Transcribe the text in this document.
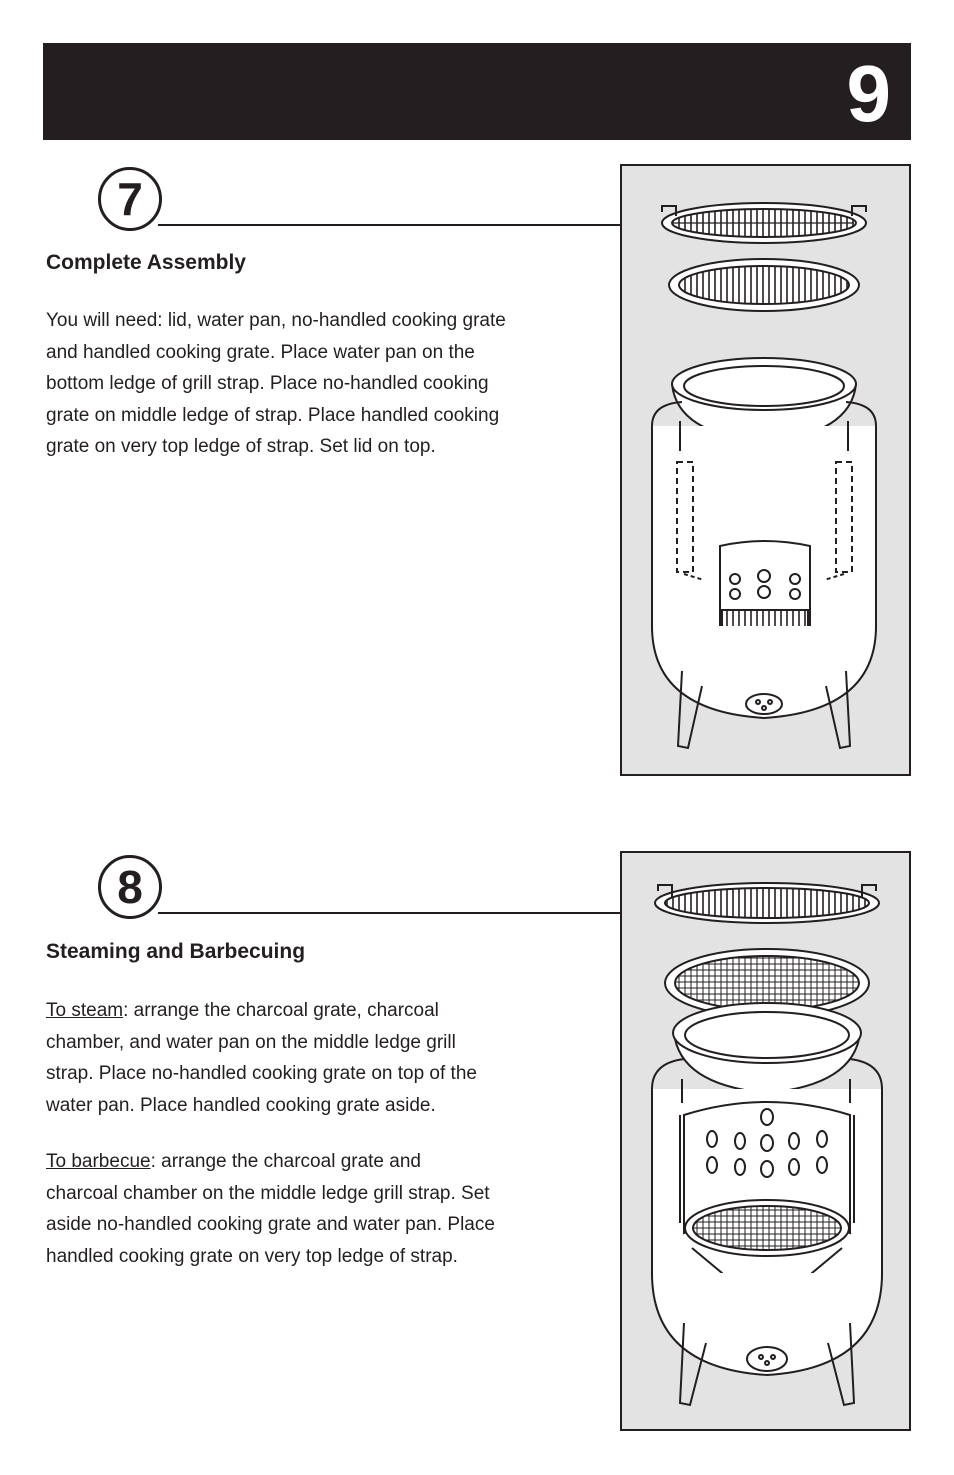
9
7
Complete Assembly

You will need: lid, water pan, no-handled cooking grate and handled cooking grate. Place water pan on the bottom ledge of grill strap. Place no-handled cooking grate on middle ledge of strap. Place handled cooking grate on very top ledge of strap. Set lid on top.

8
Steaming and Barbecuing

To steam: arrange the charcoal grate, charcoal chamber, and water pan on the middle ledge grill strap. Place no-handled cooking grate on top of the water pan. Place handled cooking grate aside.

To barbecue: arrange the charcoal grate and charcoal chamber on the middle ledge grill strap. Set aside no-handled cooking grate and water pan. Place handled cooking grate on very top ledge of strap.
